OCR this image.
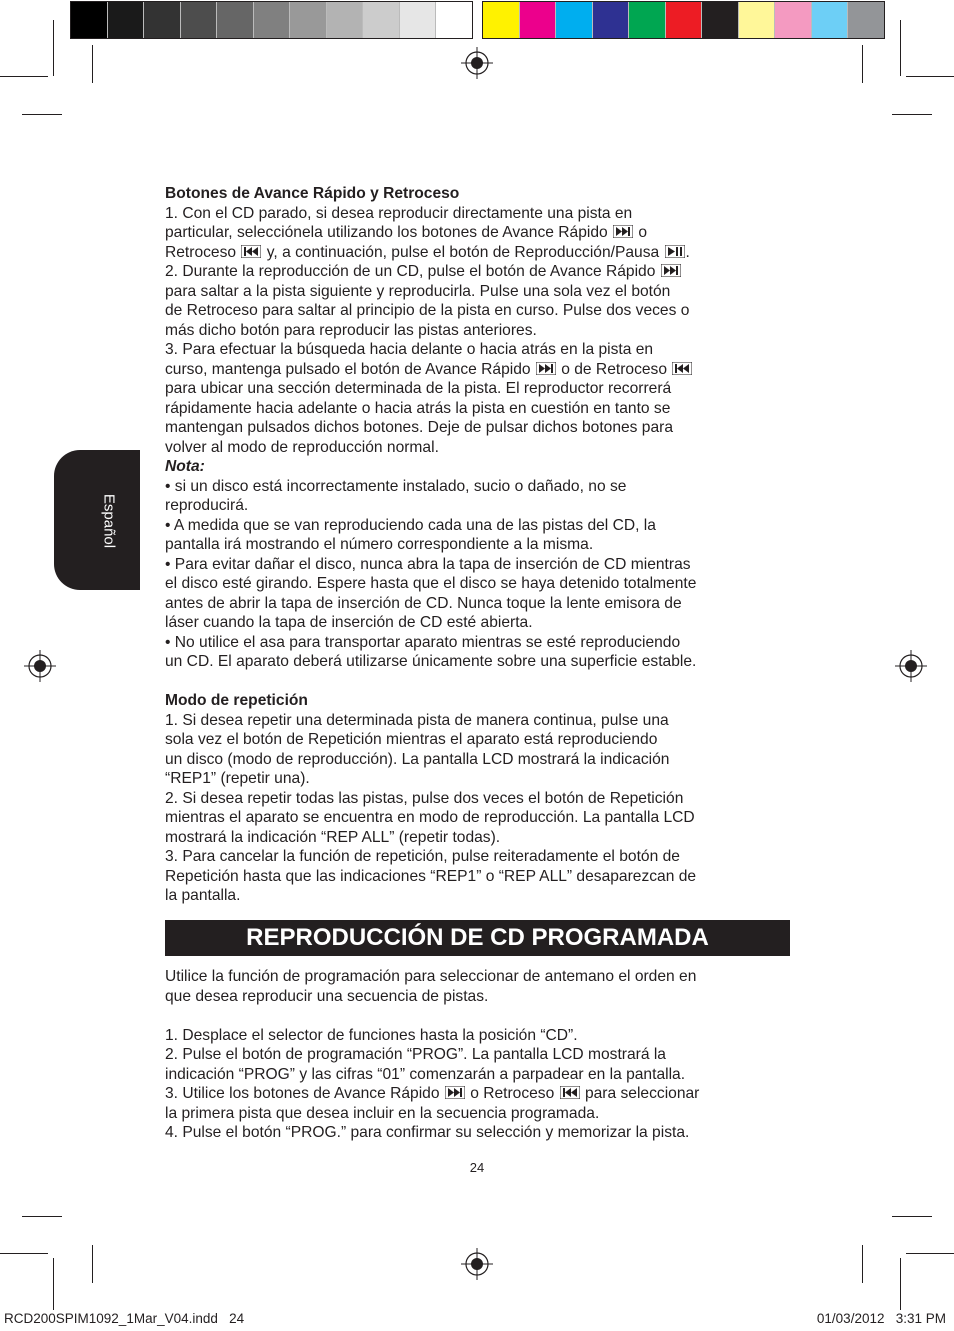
Español

Botones de Avance Rápido y Retroceso

1. Con el CD parado, si desea reproducir directamente una pista en

particular, selecciónela utilizando los botones de Avance Rápido o

Retroceso y, a continuación, pulse el botón de Reproducción/Pausa .

2. Durante la reproducción de un CD, pulse el botón de Avance Rápido

para saltar a la pista siguiente y reproducirla. Pulse una sola vez el botón

de Retroceso para saltar al principio de la pista en curso. Pulse dos veces o

más dicho botón para reproducir las pistas anteriores.

3. Para efectuar la búsqueda hacia delante o hacia atrás en la pista en

curso, mantenga pulsado el botón de Avance Rápido o de Retroceso

para ubicar una sección determinada de la pista. El reproductor recorrerá

rápidamente hacia adelante o hacia atrás la pista en cuestión en tanto se

mantengan pulsados dichos botones. Deje de pulsar dichos botones para

volver al modo de reproducción normal.

Nota:

• si un disco está incorrectamente instalado, sucio o dañado, no se

reproducirá.

• A medida que se van reproduciendo cada una de las pistas del CD, la

pantalla irá mostrando el número correspondiente a la misma.

• Para evitar dañar el disco, nunca abra la tapa de inserción de CD mientras

el disco esté girando. Espere hasta que el disco se haya detenido totalmente

antes de abrir la tapa de inserción de CD. Nunca toque la lente emisora de

láser cuando la tapa de inserción de CD esté abierta.

• No utilice el asa para transportar aparato mientras se esté reproduciendo

un CD. El aparato deberá utilizarse únicamente sobre una superficie estable.

Modo de repetición

1. Si desea repetir una determinada pista de manera continua, pulse una

sola vez el botón de Repetición mientras el aparato está reproduciendo

un disco (modo de reproducción). La pantalla LCD mostrará la indicación

“REP1” (repetir una).

2. Si desea repetir todas las pistas, pulse dos veces el botón de Repetición

mientras el aparato se encuentra en modo de reproducción. La pantalla LCD

mostrará la indicación “REP ALL” (repetir todas).

3. Para cancelar la función de repetición, pulse reiteradamente el botón de

Repetición hasta que las indicaciones “REP1” o “REP ALL” desaparezcan de

la pantalla.

REPRODUCCIÓN DE CD PROGRAMADA

Utilice la función de programación para seleccionar de antemano el orden en

que desea reproducir una secuencia de pistas.

1. Desplace el selector de funciones hasta la posición “CD”.

2. Pulse el botón de programación “PROG”. La pantalla LCD mostrará la

indicación “PROG” y las cifras “01” comenzarán a parpadear en la pantalla.

3. Utilice los botones de Avance Rápido o Retroceso
para seleccionar

la primera pista que desea incluir en la secuencia programada.

4. Pulse el botón “PROG.” para confirmar su selección y memorizar la pista.

24
RCD200SPIM1092_1Mar_V04.indd   24	01/03/2012   3:31 PM
